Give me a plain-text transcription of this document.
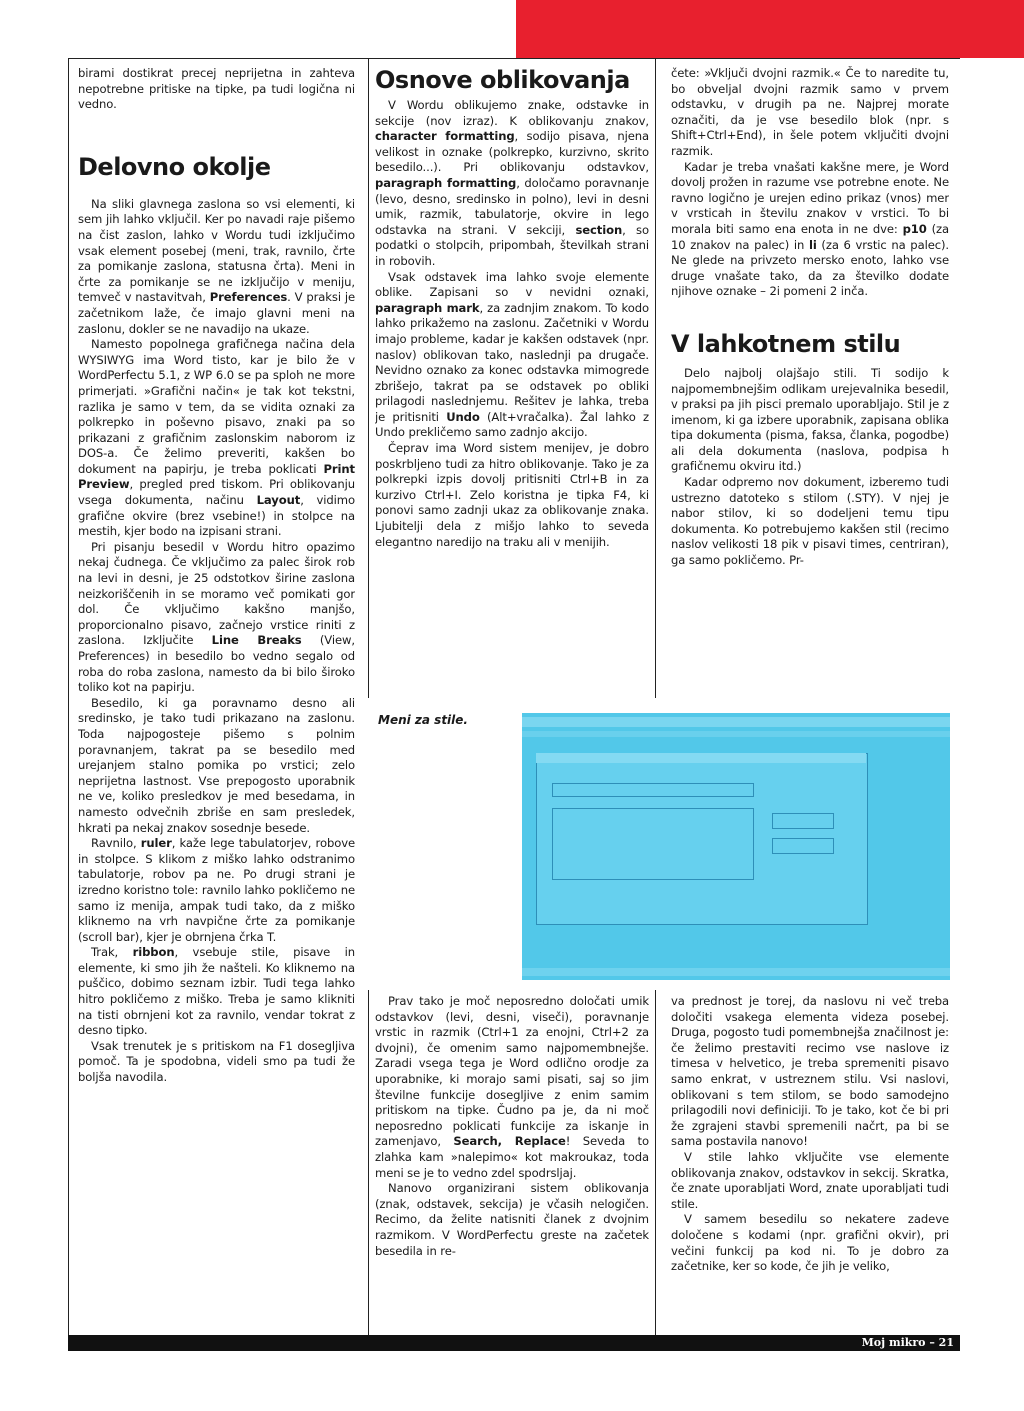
birami dostikrat precej neprijetna in zahteva nepotrebne pritiske na tipke, pa tudi logična ni vedno.

Delovno okolje

Na sliki glavnega zaslona so vsi elementi, ki sem jih lahko vključil. Ker po navadi raje pišemo na čist zaslon, lahko v Wordu tudi izključimo vsak element posebej (meni, trak, ravnilo, črte za pomikanje zaslona, statusna črta). Meni in črte za pomikanje se ne izključijo v meniju, temveč v nastavitvah, Preferences. V praksi je začetnikom laže, če imajo glavni meni na zaslonu, dokler se ne navadijo na ukaze.

Namesto popolnega grafičnega načina dela WYSIWYG ima Word tisto, kar je bilo že v WordPerfectu 5.1, z WP 6.0 se pa sploh ne more primerjati. »Grafični način« je tak kot tekstni, razlika je samo v tem, da se vidita oznaki za polkrepko in poševno pisavo, znaki pa so prikazani z grafičnim zaslonskim naborom iz DOS-a. Če želimo preveriti, kakšen bo dokument na papirju, je treba poklicati Print Preview, pregled pred tiskom. Pri oblikovanju vsega dokumenta, načinu Layout, vidimo grafične okvire (brez vsebine!) in stolpce na mestih, kjer bodo na izpisani strani.

Pri pisanju besedil v Wordu hitro opazimo nekaj čudnega. Če vključimo za palec širok rob na levi in desni, je 25 odstotkov širine zaslona neizkoriščenih in se moramo več pomikati gor dol. Če vključimo kakšno manjšo, proporcionalno pisavo, začnejo vrstice riniti z zaslona. Izključite Line Breaks (View, Preferences) in besedilo bo vedno segalo od roba do roba zaslona, namesto da bi bilo široko toliko kot na papirju.

Besedilo, ki ga poravnamo desno ali sredinsko, je tako tudi prikazano na zaslonu. Toda najpogosteje pišemo s polnim poravnanjem, takrat pa se besedilo med urejanjem stalno pomika po vrstici; zelo neprijetna lastnost. Vse prepogosto uporabnik ne ve, koliko presledkov je med besedama, in namesto odvečnih zbriše en sam presledek, hkrati pa nekaj znakov sosednje besede.

Ravnilo, ruler, kaže lege tabulatorjev, robove in stolpce. S klikom z miško lahko odstranimo tabulatorje, robov pa ne. Po drugi strani je izredno koristno tole: ravnilo lahko pokličemo ne samo iz menija, ampak tudi tako, da z miško kliknemo na vrh navpične črte za pomikanje (scroll bar), kjer je obrnjena črka T.

Trak, ribbon, vsebuje stile, pisave in elemente, ki smo jih že našteli. Ko kliknemo na puščico, dobimo seznam izbir. Tudi tega lahko hitro pokličemo z miško. Treba je samo klikniti na tisti obrnjeni kot za ravnilo, vendar tokrat z desno tipko.

Vsak trenutek je s pritiskom na F1 dosegljiva pomoč. Ta je spodobna, videli smo pa tudi že boljša navodila.

Osnove oblikovanja

V Wordu oblikujemo znake, odstavke in sekcije (nov izraz). K oblikovanju znakov, character formatting, sodijo pisava, njena velikost in oznake (polkrepko, kurzivno, skrito besedilo...). Pri oblikovanju odstavkov, paragraph formatting, določamo poravnanje (levo, desno, sredinsko in polno), levi in desni umik, razmik, tabulatorje, okvire in lego odstavka na strani. V sekciji, section, so podatki o stolpcih, pripombah, številkah strani in robovih.

Vsak odstavek ima lahko svoje elemente oblike. Zapisani so v nevidni oznaki, paragraph mark, za zadnjim znakom. To kodo lahko prikažemo na zaslonu. Začetniki v Wordu imajo probleme, kadar je kakšen odstavek (npr. naslov) oblikovan tako, naslednji pa drugače. Nevidno oznako za konec odstavka mimogrede zbrišejo, takrat pa se odstavek po obliki prilagodi naslednjemu. Rešitev je lahka, treba je pritisniti Undo (Alt+vračalka). Žal lahko z Undo prekličemo samo zadnjo akcijo.

Čeprav ima Word sistem menijev, je dobro poskrbljeno tudi za hitro oblikovanje. Tako je za polkrepki izpis dovolj pritisniti Ctrl+B in za kurzivo Ctrl+I. Zelo koristna je tipka F4, ki ponovi samo zadnji ukaz za oblikovanje znaka. Ljubitelji dela z mišjo lahko to seveda elegantno naredijo na traku ali v menijih.

čete: »Vključi dvojni razmik.« Če to naredite tu, bo obveljal dvojni razmik samo v prvem odstavku, v drugih pa ne. Najprej morate označiti, da je vse besedilo blok (npr. s Shift+Ctrl+End), in šele potem vključiti dvojni razmik.

Kadar je treba vnašati kakšne mere, je Word dovolj prožen in razume vse potrebne enote. Ne ravno logično je urejen edino prikaz (vnos) mer v vrsticah in številu znakov v vrstici. To bi morala biti samo ena enota in ne dve: p10 (za 10 znakov na palec) in li (za 6 vrstic na palec). Ne glede na privzeto mersko enoto, lahko vse druge vnašate tako, da za številko dodate njihove oznake – 2i pomeni 2 inča.

V lahkotnem stilu

Delo najbolj olajšajo stili. Ti sodijo k najpomembnejšim odlikam urejevalnika besedil, v praksi pa jih pisci premalo uporabljajo. Stil je z imenom, ki ga izbere uporabnik, zapisana oblika tipa dokumenta (pisma, faksa, članka, pogodbe) ali dela dokumenta (naslova, podpisa h grafičnemu okviru itd.)

Kadar odpremo nov dokument, izberemo tudi ustrezno datoteko s stilom (.STY). V njej je nabor stilov, ki so dodeljeni temu tipu dokumenta. Ko potrebujemo kakšen stil (recimo naslov velikosti 18 pik v pisavi times, centriran), ga samo pokličemo. Pr-

Meni za stile.

Prav tako je moč neposredno določati umik odstavkov (levi, desni, viseči), poravnanje vrstic in razmik (Ctrl+1 za enojni, Ctrl+2 za dvojni), če omenim samo najpomembnejše. Zaradi vsega tega je Word odlično orodje za uporabnike, ki morajo sami pisati, saj so jim številne funkcije dosegljive z enim samim pritiskom na tipke. Čudno pa je, da ni moč neposredno poklicati funkcije za iskanje in zamenjavo, Search, Replace! Seveda to zlahka kam »nalepimo« kot makroukaz, toda meni se je to vedno zdel spodrsljaj.

Nanovo organizirani sistem oblikovanja (znak, odstavek, sekcija) je včasih nelogičen. Recimo, da želite natisniti članek z dvojnim razmikom. V WordPerfectu greste na začetek besedila in re-

va prednost je torej, da naslovu ni več treba določiti vsakega elementa videza posebej. Druga, pogosto tudi pomembnejša značilnost je: če želimo prestaviti recimo vse naslove iz timesa v helvetico, je treba spremeniti pisavo samo enkrat, v ustreznem stilu. Vsi naslovi, oblikovani s tem stilom, se bodo samodejno prilagodili novi definiciji. To je tako, kot če bi pri že zgrajeni stavbi spremenili načrt, pa bi se sama postavila nanovo!

V stile lahko vključite vse elemente oblikovanja znakov, odstavkov in sekcij. Skratka, če znate uporabljati Word, znate uporabljati tudi stile.

V samem besedilu so nekatere zadeve določene s kodami (npr. grafični okvir), pri večini funkcij pa kod ni. To je dobro za začetnike, ker so kode, če jih je veliko,

Moj mikro – 21
